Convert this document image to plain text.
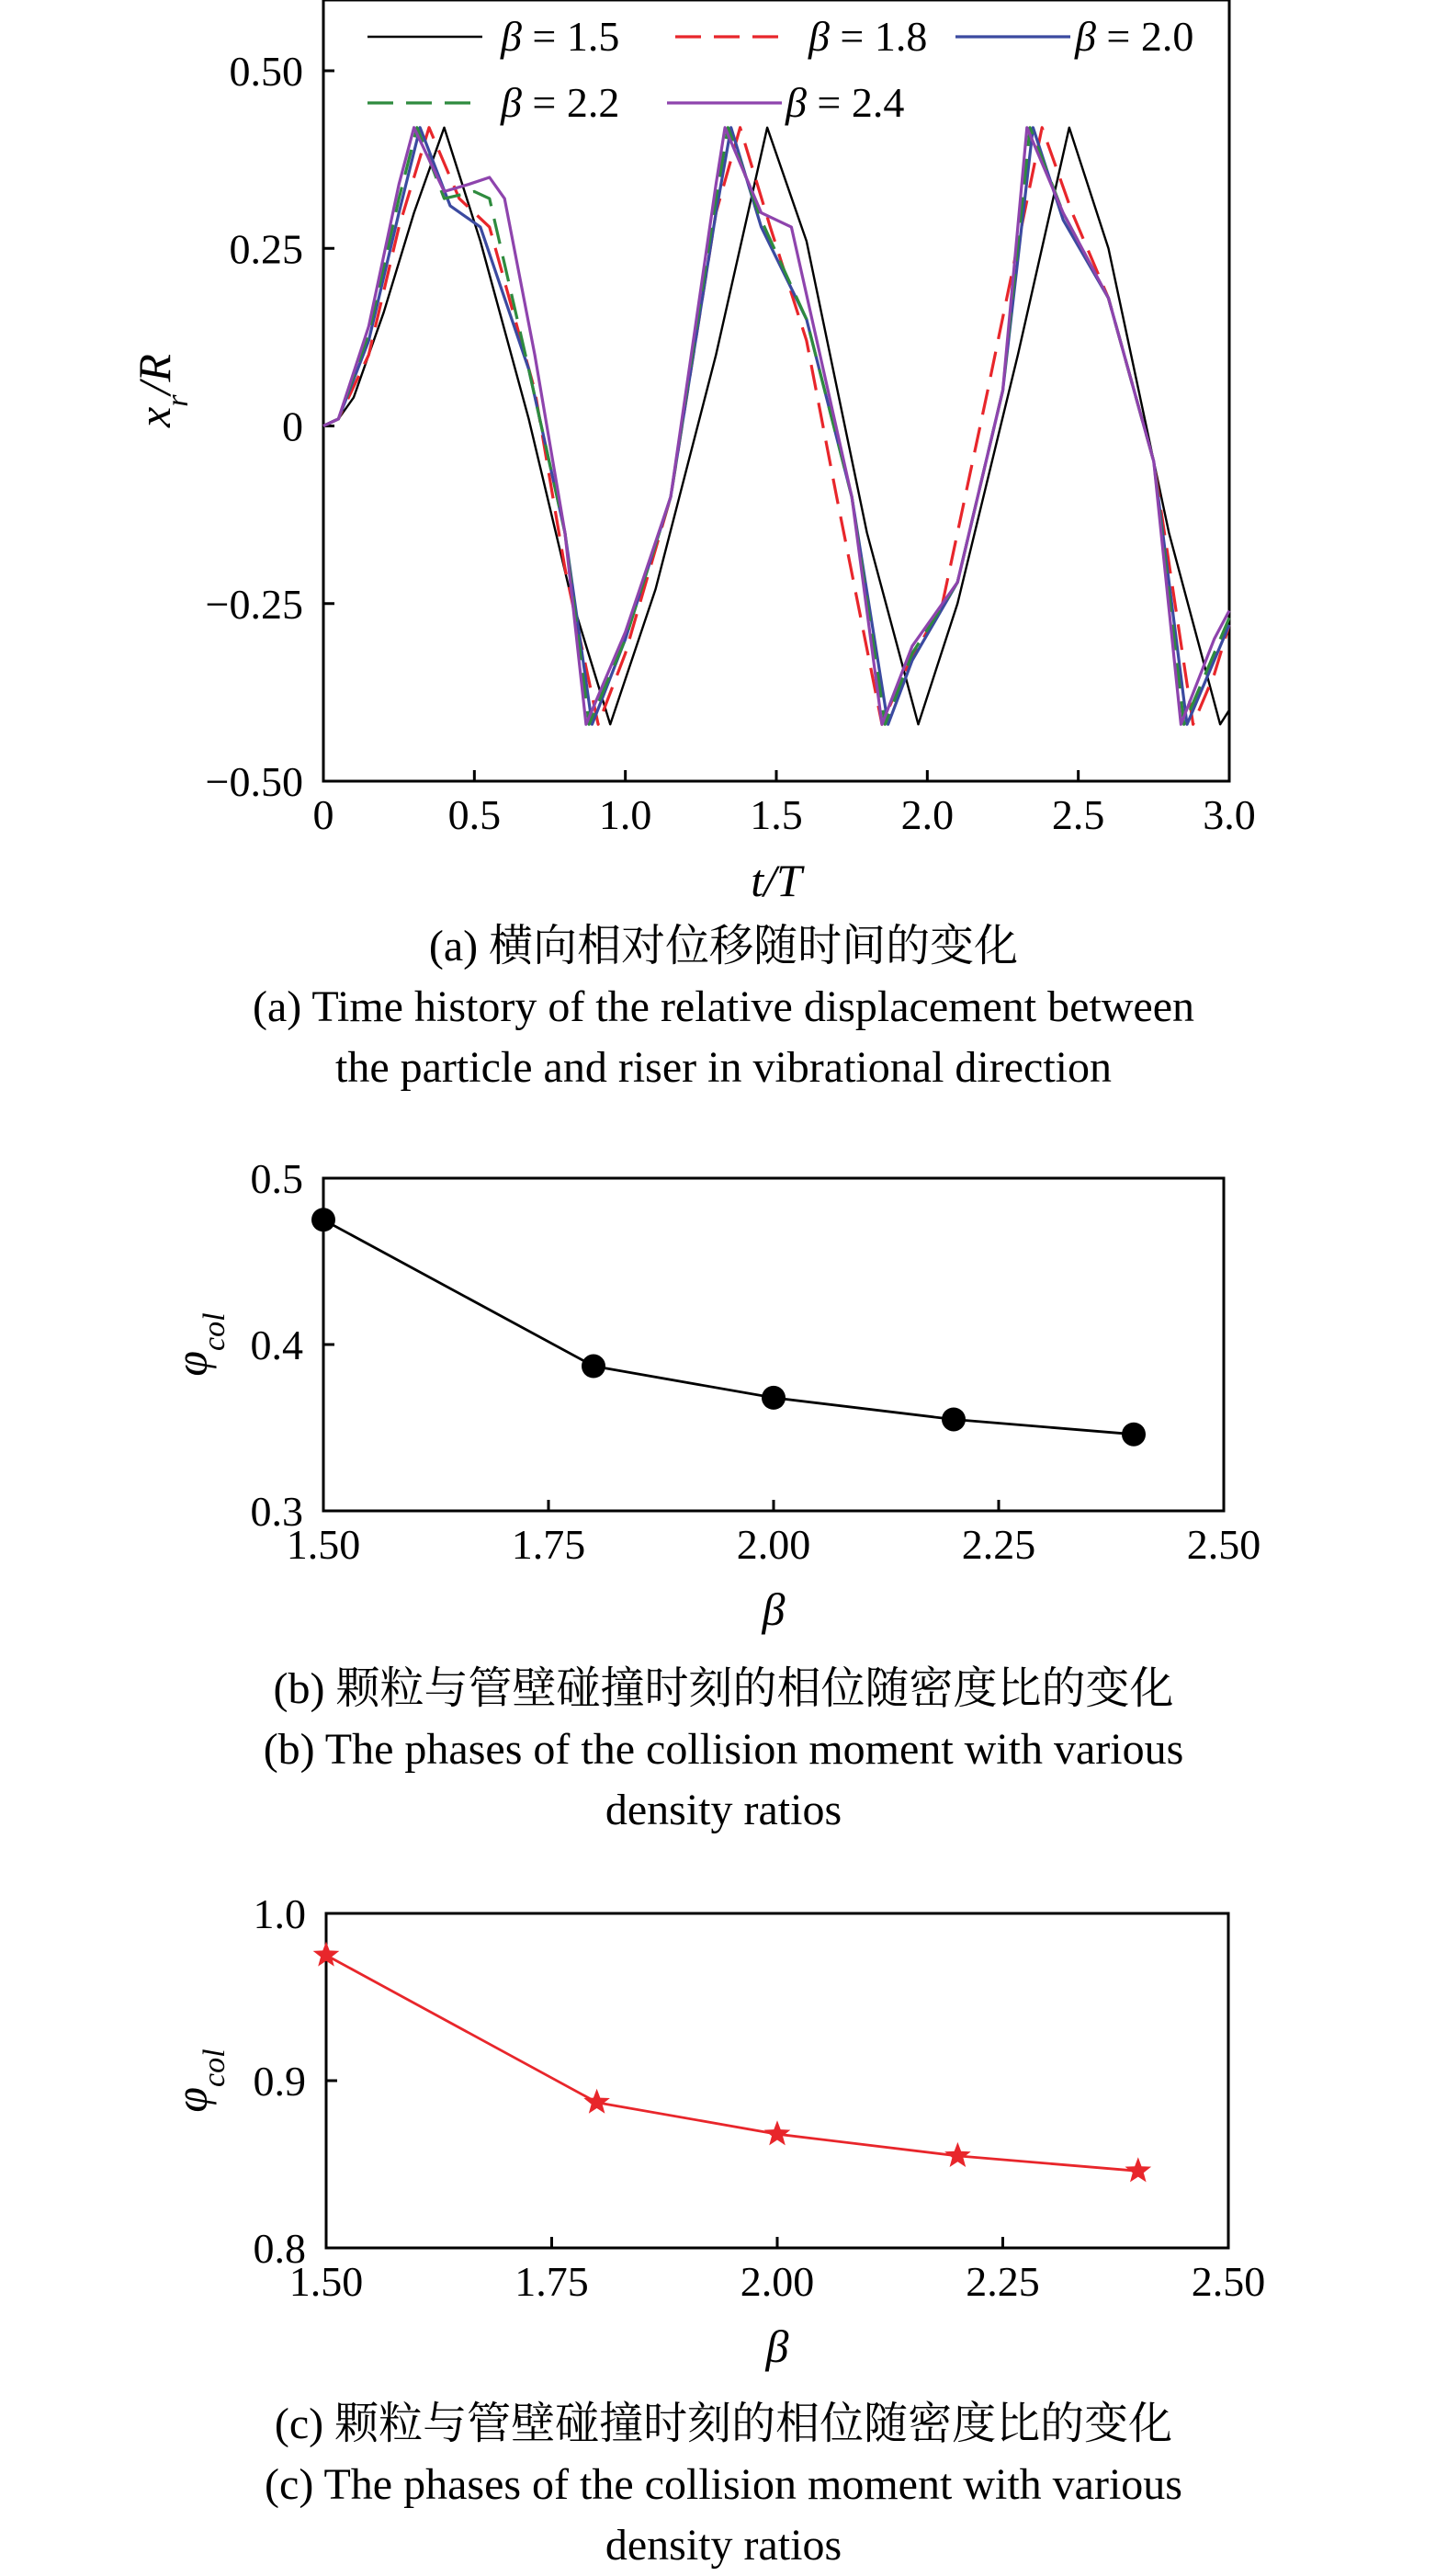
0	0.5 1.0 1.5 2.0 2.5 3.0
0.50
0.25
0
−0.25
−0.50
β = 1.5	β = 1.8	β = 2.0
β = 2.2	β = 2.4
t/T
$x_r/R$
1.50	1.75	2.00	2.25	2.50
0.5
0.4
0.3
β
$\varphi_{col}$
1.50	1.75	2.00	2.25	2.50
1.0
0.9
0.8
β
$\varphi_{col}$
(a) 横向相对位移随时间的变化
(a) Time history of the relative displacement between
the particle and riser in vibrational direction
(b) 颗粒与管壁碰撞时刻的相位随密度比的变化
(b) The phases of the collision moment with various
density ratios
(c) 颗粒与管壁碰撞时刻的相位随密度比的变化
(c) The phases of the collision moment with various
density ratios
